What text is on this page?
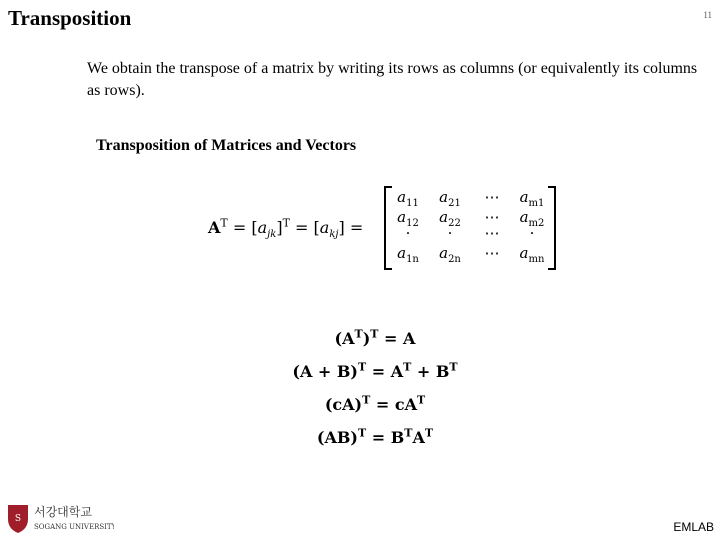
Transposition	11
We obtain the transpose of a matrix by writing its rows as columns (or equivalently its columns as rows).
Transposition of Matrices and Vectors
$A^T = [a_{jk}]^T = [a_{kj}]$ =
$a_{11}$	$a_{21}$	⋯	$a_{m1}$
$a_{12}$	$a_{22}$	⋯	$a_{m2}$
·	·	⋯	·
$a_{1n}$	$a_{2n}$	⋯	$a_{mn}$
$(A^T)^T = A$
$(A + B)^T = A^T + B^T$
$(cA)^T = cA^T$
$(AB)^T = B^TA^T$
S 서강대학교
SOGANG UNIVERSITY	EMLAB
